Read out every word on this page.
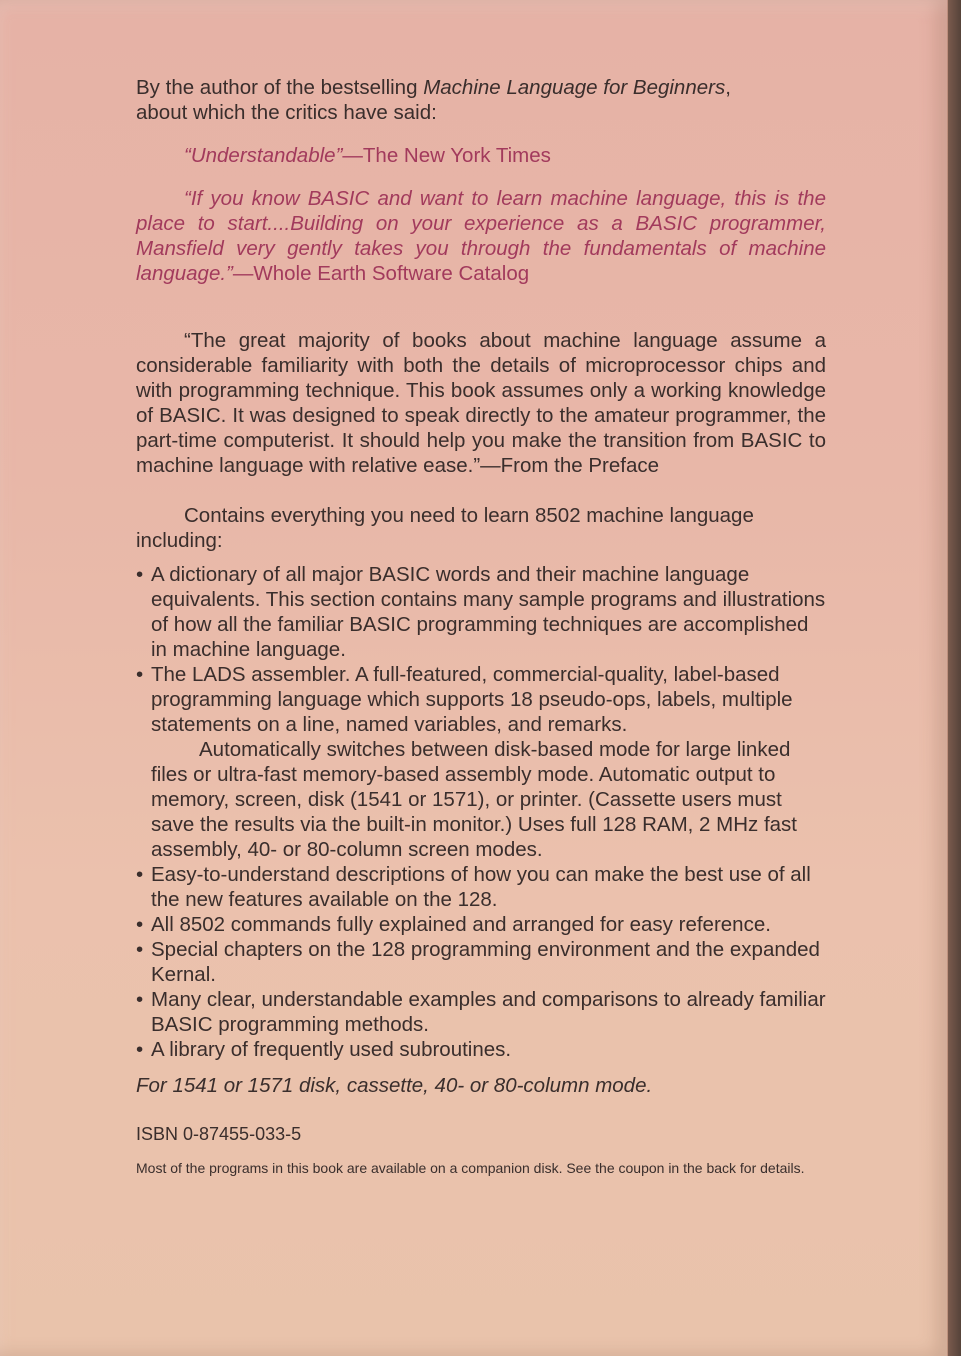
By the author of the bestselling Machine Language for Beginners,
about which the critics have said:

“Understandable”—The New York Times

“If you know BASIC and want to learn machine language, this is the place to start....Building on your experience as a BASIC programmer, Mansfield very gently takes you through the fundamentals of machine language.”—Whole Earth Software Catalog

“The great majority of books about machine language assume a considerable familiarity with both the details of microprocessor chips and with programming technique. This book assumes only a working knowledge of BASIC. It was designed to speak directly to the amateur programmer, the part-time computerist. It should help you make the transition from BASIC to machine language with relative ease.”—From the Preface

Contains everything you need to learn 8502 machine language including:

• A dictionary of all major BASIC words and their machine language equivalents. This section contains many sample programs and illustrations of how all the familiar BASIC programming techniques are accomplished in machine language.

• The LADS assembler. A full-featured, commercial-quality, label-based programming language which supports 18 pseudo-ops, labels, multiple statements on a line, named variables, and remarks.

Automatically switches between disk-based mode for large linked files or ultra-fast memory-based assembly mode. Automatic output to memory, screen, disk (1541 or 1571), or printer. (Cassette users must save the results via the built-in monitor.) Uses full 128 RAM, 2 MHz fast assembly, 40- or 80-column screen modes.

• Easy-to-understand descriptions of how you can make the best use of all the new features available on the 128.

• All 8502 commands fully explained and arranged for easy reference.

• Special chapters on the 128 programming environment and the expanded Kernal.

• Many clear, understandable examples and comparisons to already familiar BASIC programming methods.

• A library of frequently used subroutines.

For 1541 or 1571 disk, cassette, 40- or 80-column mode.

ISBN 0-87455-033-5

Most of the programs in this book are available on a companion disk. See the coupon in the back for details.
